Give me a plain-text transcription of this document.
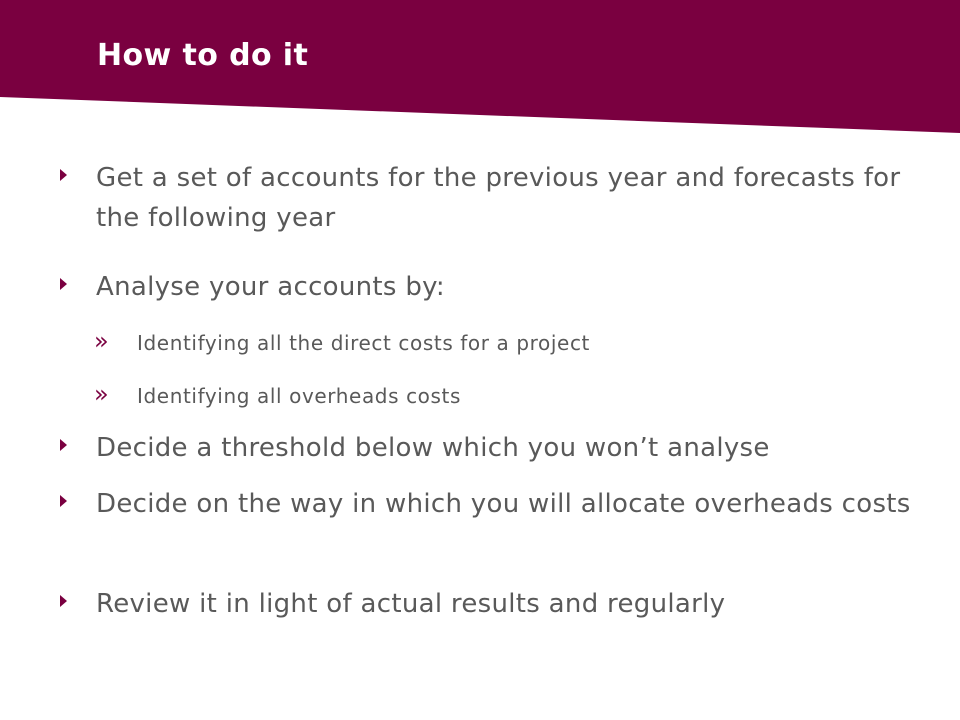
How to do it
Get a set of accounts for the previous year and forecasts for the following year
Analyse your accounts by:
» Identifying all the direct costs for a project
» Identifying all overheads costs
Decide a threshold below which you won’t analyse
Decide on the way in which you will allocate overheads costs
Review it in light of actual results and regularly
